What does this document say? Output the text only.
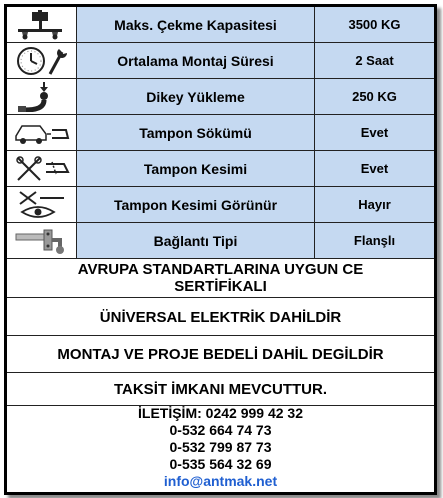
Maks. Çekme Kapasitesi	3500 KG
Ortalama Montaj Süresi	2 Saat
Dikey Yükleme	250 KG
Tampon Sökümü	Evet
Tampon Kesimi	Evet
Tampon Kesimi Görünür	Hayır
Bağlantı Tipi	Flanşlı
AVRUPA STANDARTLARINA UYGUN CE SERTİFİKALI
ÜNİVERSAL ELEKTRİK DAHİLDİR
MONTAJ VE PROJE BEDELİ DAHİL DEGİLDİR
TAKSİT İMKANI MEVCUTTUR.
İLETİŞİM: 0242 999 42 32
0-532 664 74 73
0-532 799 87 73
0-535 564 32 69
info@antmak.net
